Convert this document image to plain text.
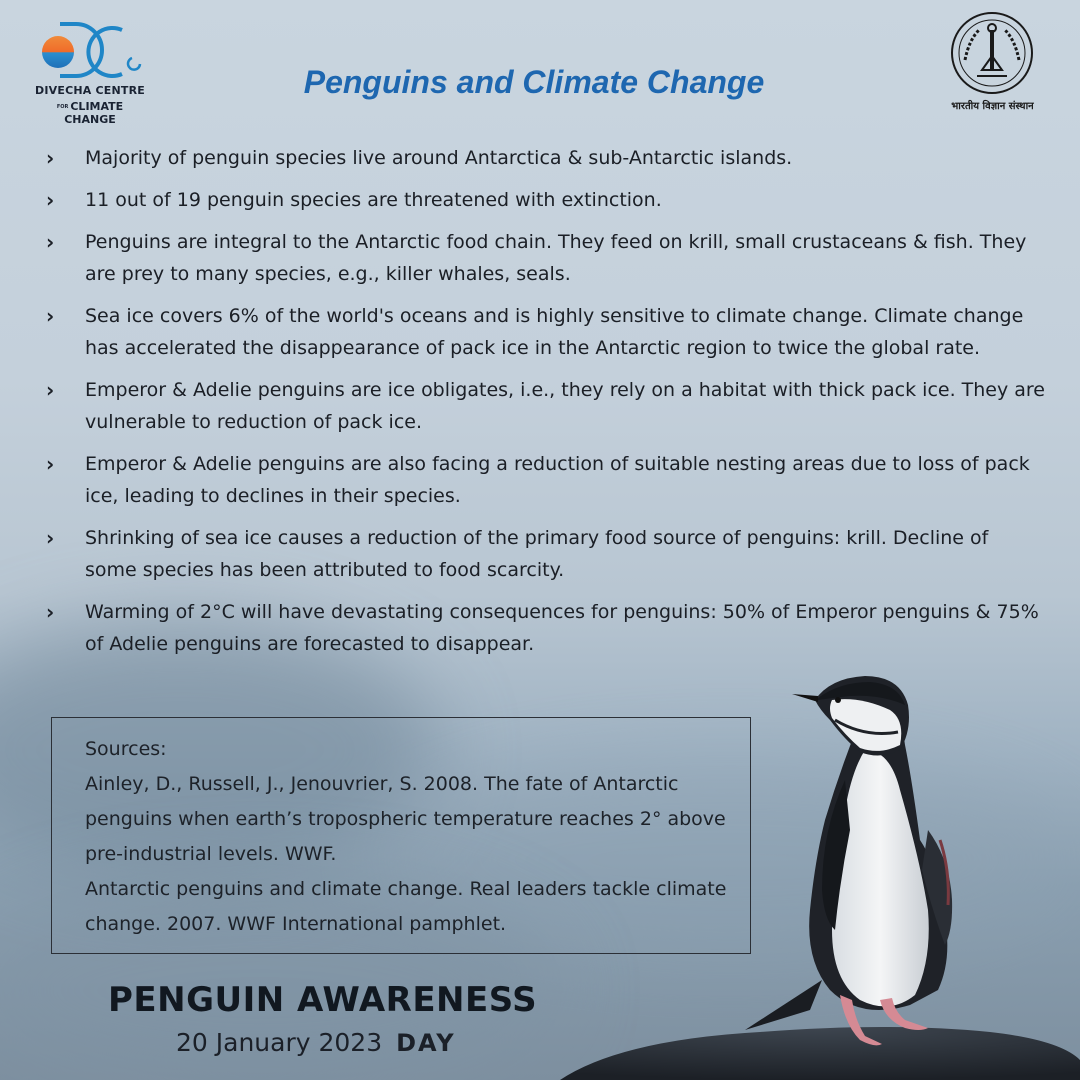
DIVECHA CENTRE
FOR CLIMATE CHANGE
भारतीय विज्ञान संस्थान
Penguins and Climate Change
› Majority of penguin species live around Antarctica & sub-Antarctic islands.
› 11 out of 19 penguin species are threatened with extinction.
› Penguins are integral to the Antarctic food chain. They feed on krill, small crustaceans & fish. They are prey to many species, e.g., killer whales, seals.
› Sea ice covers 6% of the world's oceans and is highly sensitive to climate change. Climate change has accelerated the disappearance of pack ice in the Antarctic region to twice the global rate.
› Emperor & Adelie penguins are ice obligates, i.e., they rely on a habitat with thick pack ice. They are vulnerable to reduction of pack ice.
› Emperor & Adelie penguins are also facing a reduction of suitable nesting areas due to loss of pack ice, leading to declines in their species.
› Shrinking of sea ice causes a reduction of the primary food source of penguins: krill. Decline of some species has been attributed to food scarcity.
› Warming of 2°C will have devastating consequences for penguins: 50% of Emperor penguins & 75% of Adelie penguins are forecasted to disappear.

Sources:

Ainley, D., Russell, J., Jenouvrier, S. 2008. The fate of Antarctic penguins when earth’s tropospheric temperature reaches 2° above pre-industrial levels. WWF.

Antarctic penguins and climate change. Real leaders tackle climate change. 2007. WWF International pamphlet.

PENGUIN AWARENESS
20 January 2023 DAY
